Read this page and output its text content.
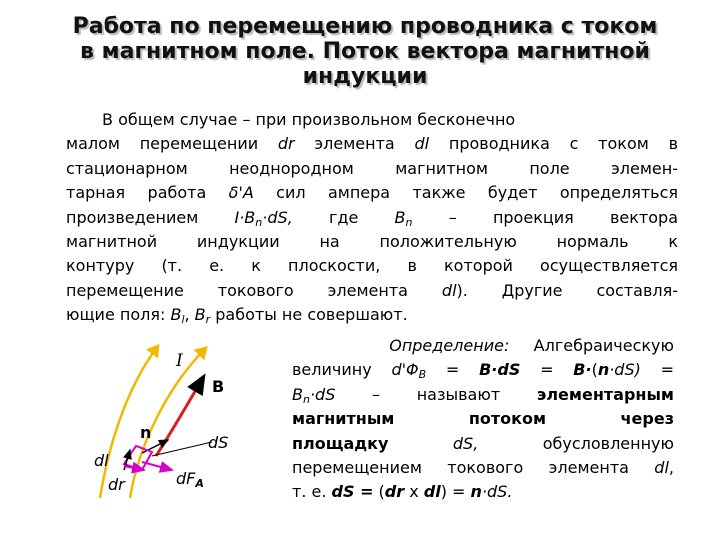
Работа по перемещению проводника с током
в магнитном поле. Поток вектора магнитной
индукции
В общем случае – при произвольном бесконечно
малом перемещении dr элемента dl проводника с током в
стационарном неоднородном магнитном поле элемен-
тарная работа δ'A сил ампера также будет определяться
произведением $I\cdot B_n\cdot dS$, где $B_n$ – проекция вектора
магнитной индукции на положительную нормаль к
контуру (т. е. к плоскости, в которой осуществляется
перемещение токового элемента dl). Другие составля-
ющие поля: $B_l$, $B_r$ работы не совершают.
I
B
n
dS
dl
dr	dFA
Определение: Алгебраическую
величину $d'\Phi_B = B\cdot dS = B\cdot(n\cdot dS)$ =
$B_n\cdot dS$ – называют элементарным
магнитным потоком через
площадку dS, обусловленную
перемещением токового элемента dl,
т. е. dS = (dr x dl) = n·dS.
